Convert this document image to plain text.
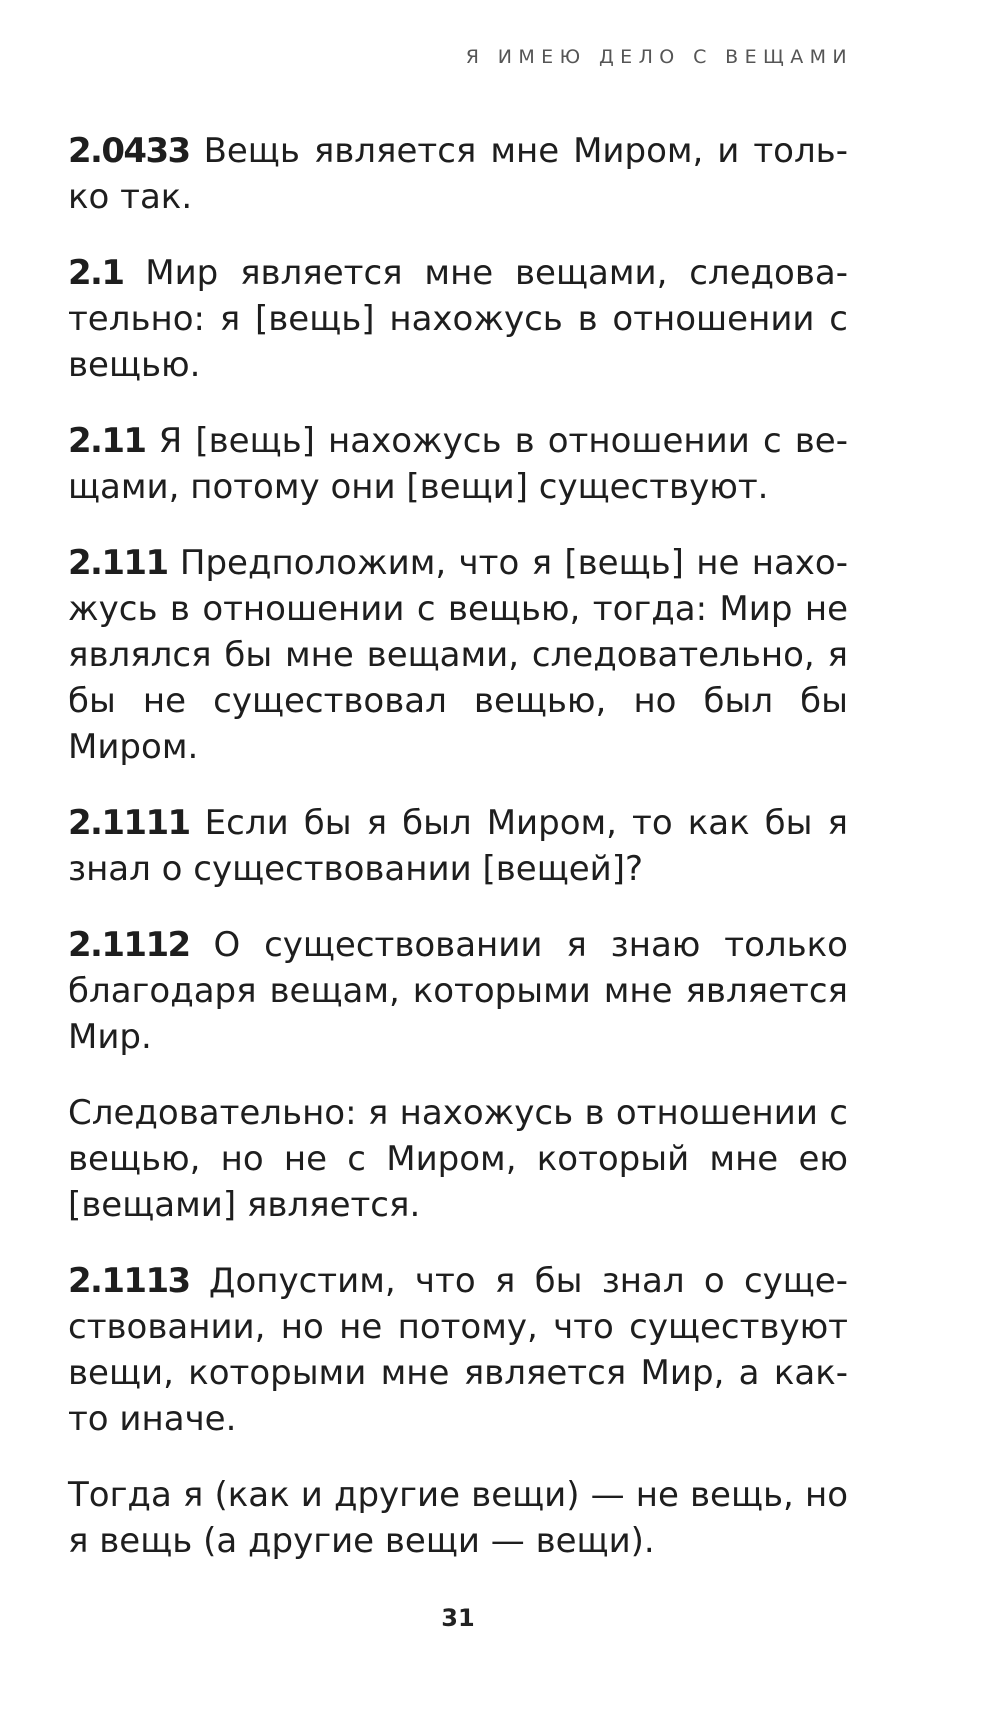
Я ИМЕЮ ДЕЛО С ВЕЩАМИ

2.0433 Вещь является мне Миром, и только так.

2.1 Мир является мне вещами, следовательно: я [вещь] нахожусь в отношении с вещью.

2.11 Я [вещь] нахожусь в отношении с вещами, потому они [вещи] существуют.

2.111 Предположим, что я [вещь] не нахожусь в отношении с вещью, тогда: Мир не являлся бы мне вещами, следовательно, я бы не существовал вещью, но был бы Миром.

2.1111 Если бы я был Миром, то как бы я знал о существовании [вещей]?

2.1112 О существовании я знаю только благодаря вещам, которыми мне является Мир.

Следовательно: я нахожусь в отношении с вещью, но не с Миром, который мне ею [вещами] является.

2.1113 Допустим, что я бы знал о существовании, но не потому, что существуют вещи, которыми мне является Мир, а как-то иначе.

Тогда я (как и другие вещи) — не вещь, но я вещь (а другие вещи — вещи).

31
